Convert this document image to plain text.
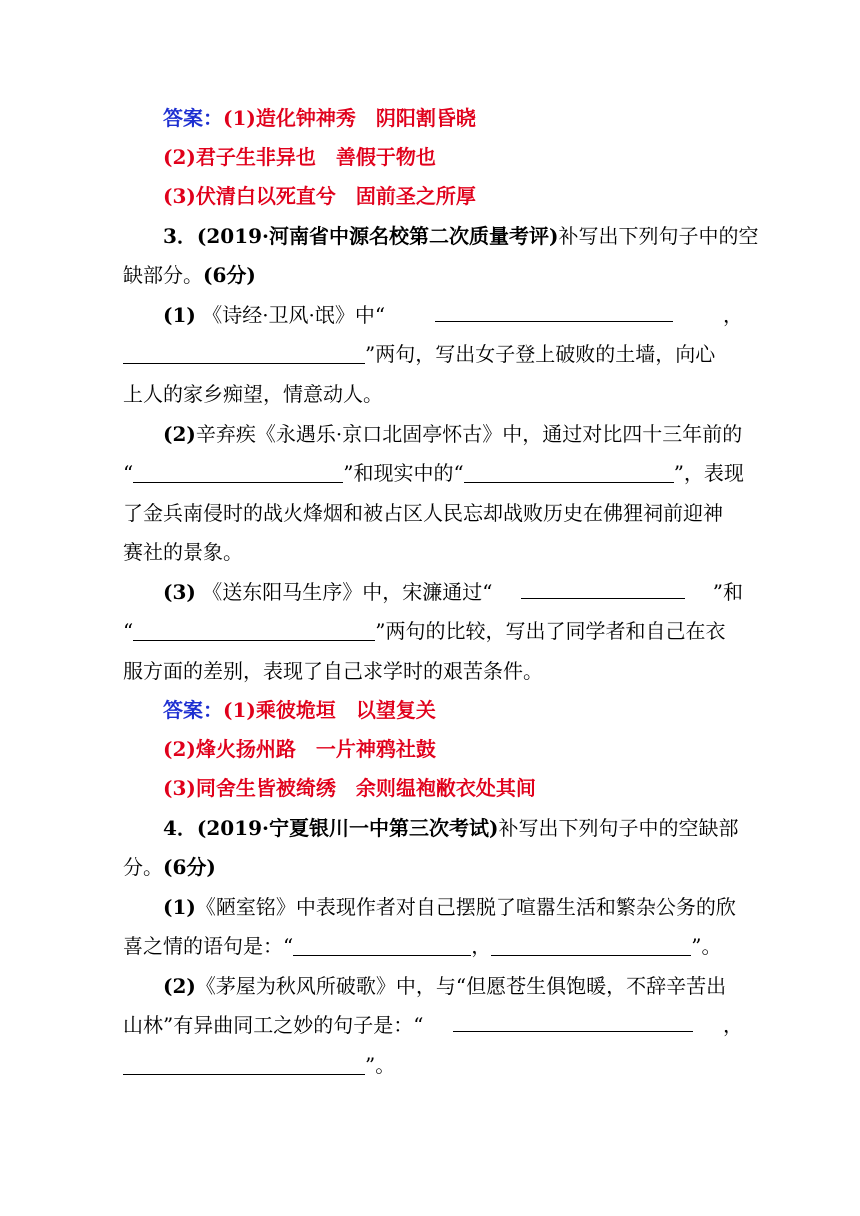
答案：(1)造化钟神秀　阴阳割昏晓
(2)君子生非异也　善假于物也
(3)伏清白以死直兮　固前圣之所厚
3．(2019·河南省中源名校第二次质量考评)补写出下列句子中的空
缺部分。(6分)
(1) 《诗经·卫风·氓》中“	，
”两句，写出女子登上破败的土墙，向心
上人的家乡痴望，情意动人。
(2)辛弃疾《永遇乐·京口北固亭怀古》中，通过对比四十三年前的
“	”和现实中的“	”，表现
了金兵南侵时的战火烽烟和被占区人民忘却战败历史在佛狸祠前迎神
赛社的景象。
(3) 《送东阳马生序》中，宋濂通过“	”和
“	”两句的比较，写出了同学者和自己在衣
服方面的差别，表现了自己求学时的艰苦条件。
答案：(1)乘彼垝垣　以望复关
(2)烽火扬州路　一片神鸦社鼓
(3)同舍生皆被绮绣　余则缊袍敝衣处其间
4．(2019·宁夏银川一中第三次考试)补写出下列句子中的空缺部
分。(6分)
(1)《陋室铭》中表现作者对自己摆脱了喧嚣生活和繁杂公务的欣
喜之情的语句是：“	，	”。
(2)《茅屋为秋风所破歌》中，与“但愿苍生俱饱暖，不辞辛苦出
山林”有异曲同工之妙的句子是：“	，
”。
